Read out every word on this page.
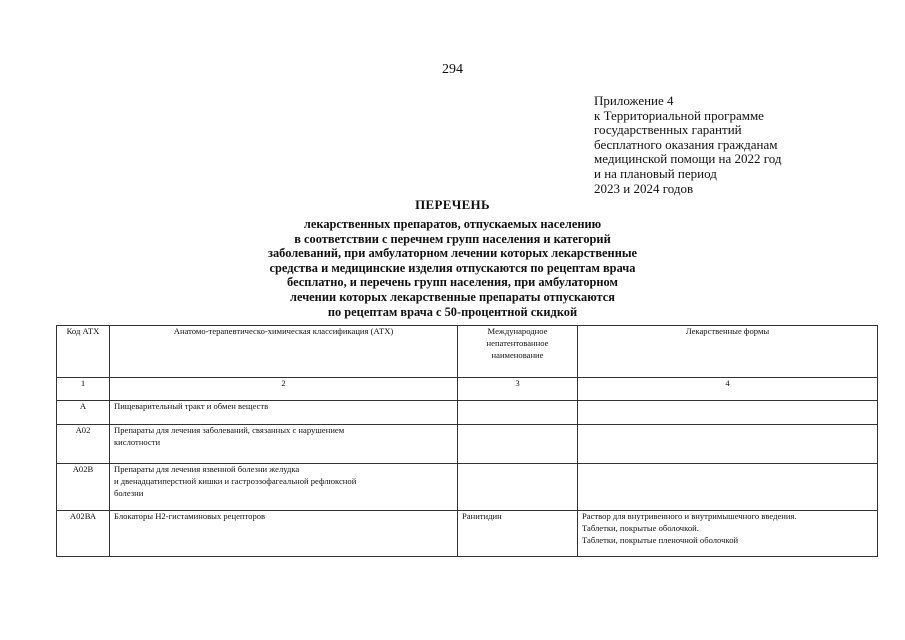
294
Приложение 4
к Территориальной программе
государственных гарантий
бесплатного оказания гражданам
медицинской помощи на 2022 год
и на плановый период
2023 и 2024 годов
ПЕРЕЧЕНЬ
лекарственных препаратов, отпускаемых населению
в соответствии с перечнем групп населения и категорий
заболеваний, при амбулаторном лечении которых лекарственные
средства и медицинские изделия отпускаются по рецептам врача
бесплатно, и перечень групп населения, при амбулаторном
лечении которых лекарственные препараты отпускаются
по рецептам врача с 50-процентной скидкой
Код АТХ	Анатомо-терапевтическо-химическая классификация (АТХ)	Международное
непатентованное
наименование	Лекарственные формы
1	2	3	4
А	Пищеварительный тракт и обмен веществ		

А02	Препараты для лечения заболеваний, связанных с нарушением
кислотности		

А02В	Препараты для лечения язвенной болезни желудка
и двенадцатиперстной кишки и гастроэзофагеальной рефлюксной
болезни		

А02ВА	Блокаторы Н2-гистаминовых рецепторов	Ранитидин	Раствор для внутривенного и внутримышечного введения.
Таблетки, покрытые оболочкой.
Таблетки, покрытые пленочной оболочкой
